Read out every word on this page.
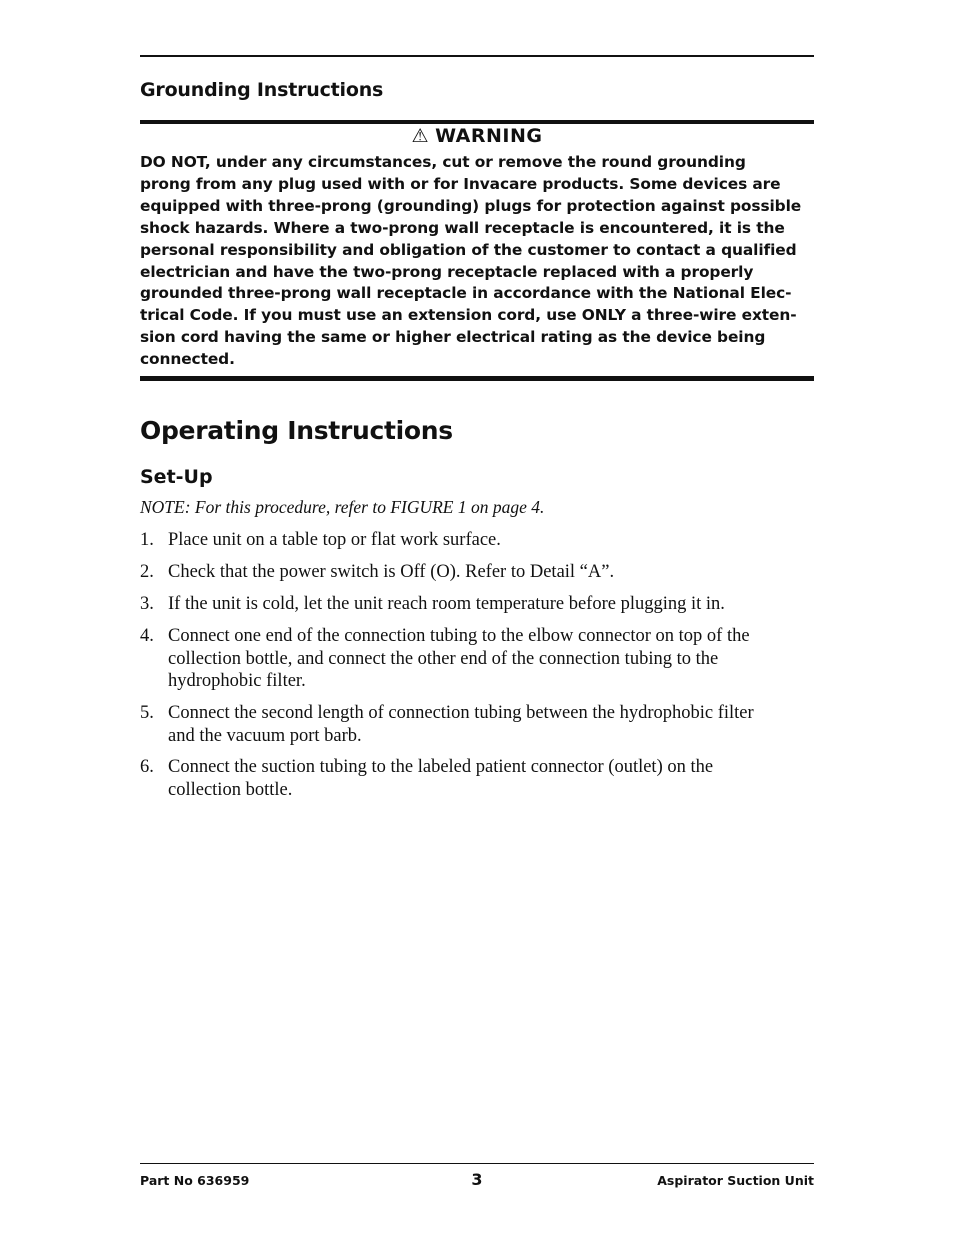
Grounding Instructions
⚠ WARNING
DO NOT, under any circumstances, cut or remove the round grounding
prong from any plug used with or for Invacare products. Some devices are
equipped with three-prong (grounding) plugs for protection against possible
shock hazards. Where a two-prong wall receptacle is encountered, it is the
personal responsibility and obligation of the customer to contact a qualified
electrician and have the two-prong receptacle replaced with a properly
grounded three-prong wall receptacle in accordance with the National Elec-
trical Code. If you must use an extension cord, use ONLY a three-wire exten-
sion cord having the same or higher electrical rating as the device being
connected.
Operating Instructions
Set-Up
NOTE: For this procedure, refer to FIGURE 1 on page 4.
1. Place unit on a table top or flat work surface.
2. Check that the power switch is Off (O). Refer to Detail “A”.
3. If the unit is cold, let the unit reach room temperature before plugging it in.
4. Connect one end of the connection tubing to the elbow connector on top of the
collection bottle, and connect the other end of the connection tubing to the
hydrophobic filter.
5. Connect the second length of connection tubing between the hydrophobic filter
and the vacuum port barb.
6. Connect the suction tubing to the labeled patient connector (outlet) on the
collection bottle.
Part No 636959	3	Aspirator Suction Unit
